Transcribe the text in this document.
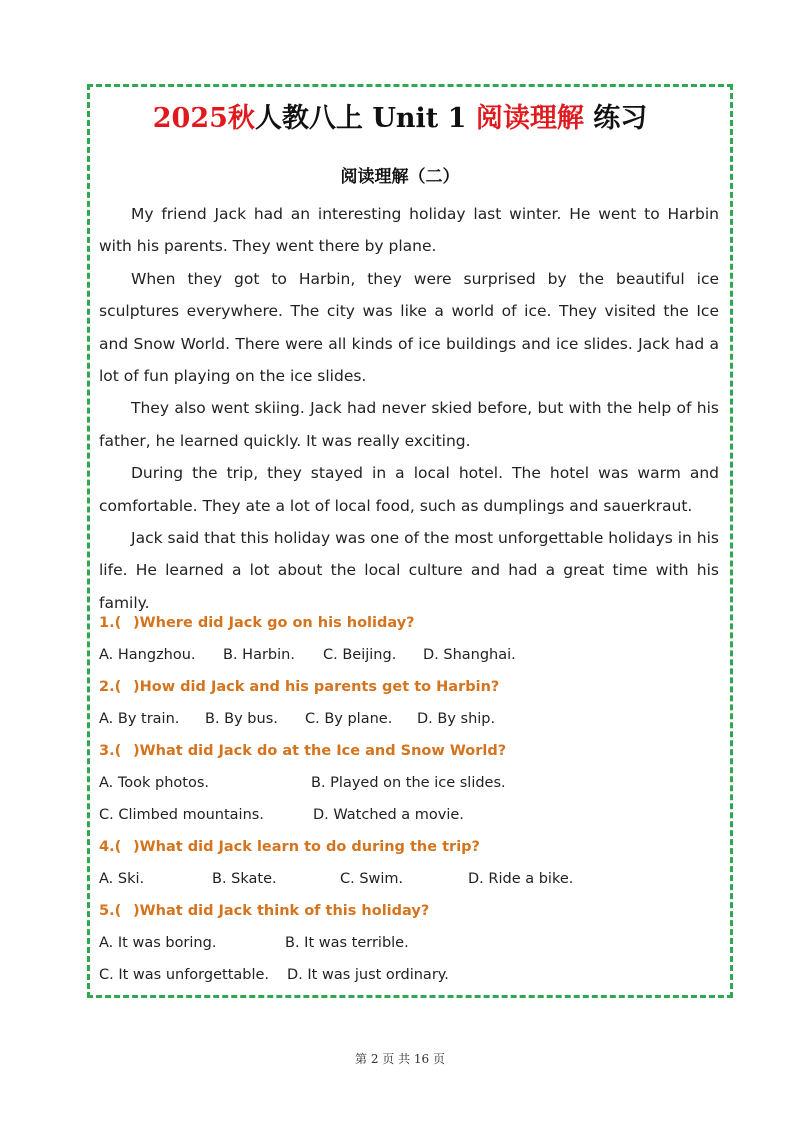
2025秋人教八上 Unit 1 阅读理解 练习
阅读理解（二）

My friend Jack had an interesting holiday last winter. He went to Harbin with his parents. They went there by plane.

When they got to Harbin, they were surprised by the beautiful ice sculptures everywhere. The city was like a world of ice. They visited the Ice and Snow World. There were all kinds of ice buildings and ice slides. Jack had a lot of fun playing on the ice slides.

They also went skiing. Jack had never skied before, but with the help of his father, he learned quickly. It was really exciting.

During the trip, they stayed in a local hotel. The hotel was warm and comfortable. They ate a lot of local food, such as dumplings and sauerkraut.

Jack said that this holiday was one of the most unforgettable holidays in his life. He learned a lot about the local culture and had a great time with his family.

1.( )Where did Jack go on his holiday?
A. Hangzhou.	B. Harbin.	C. Beijing.	D. Shanghai.
2.( )How did Jack and his parents get to Harbin?
A. By train.	B. By bus.	C. By plane.	D. By ship.
3.( )What did Jack do at the Ice and Snow World?
A. Took photos.	B. Played on the ice slides.
C. Climbed mountains.	D. Watched a movie.
4.( )What did Jack learn to do during the trip?
A. Ski.	B. Skate.	C. Swim.	D. Ride a bike.
5.( )What did Jack think of this holiday?
A. It was boring.	B. It was terrible.
C. It was unforgettable.	D. It was just ordinary.
第 2 页 共 16 页
